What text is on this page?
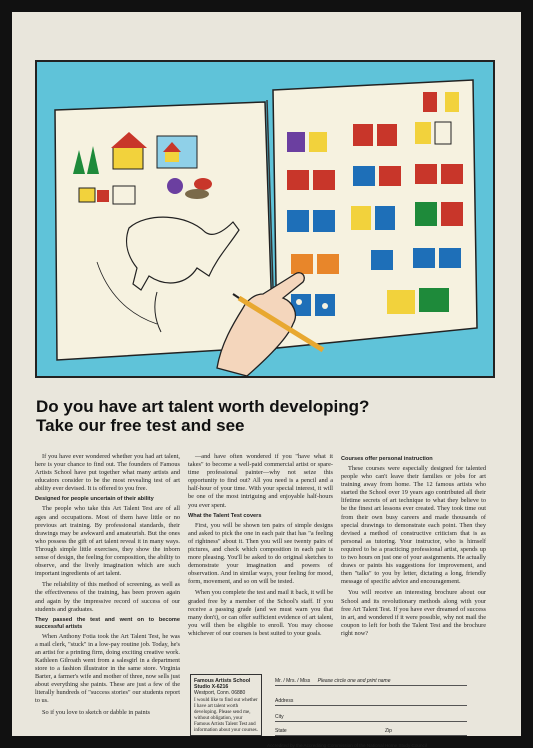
Do you have art talent worth developing?
Take our free test and see

If you have ever wondered whether you had art talent, here is your chance to find out. The founders of Famous Artists School have put together what many artists and educators consider to be the most revealing test of art ability ever devised. It is offered to you free.

Designed for people uncertain of their ability

The people who take this Art Talent Test are of all ages and occupations. Most of them have little or no previous art training. By professional standards, their drawings may be awkward and amateurish. But the ones who possess the gift of art talent reveal it in many ways. Through simple little exercises, they show the inborn sense of design, the feeling for composition, the ability to observe, and the lively imagination which are such important ingredients of art talent.

The reliability of this method of screening, as well as the effectiveness of the training, has been proven again and again by the impressive record of success of our students and graduates.

They passed the test and went on to become successful artists

When Anthony Fotia took the Art Talent Test, he was a mail clerk, "stuck" in a low-pay routine job. Today, he's an artist for a printing firm, doing exciting creative work. Kathleen Gilroath went from a salesgirl in a department store to a fashion illustrator in the same store. Virginia Barter, a farmer's wife and mother of three, now sells just about everything she paints. These are just a few of the literally hundreds of "success stories" our students report to us.

So if you love to sketch or dabble in paints

—and have often wondered if you "have what it takes" to become a well-paid commercial artist or spare-time professional painter—why not seize this opportunity to find out? All you need is a pencil and a half-hour of your time. With your special interest, it will be one of the most intriguing and enjoyable half-hours you ever spent.

What the Talent Test covers

First, you will be shown ten pairs of simple designs and asked to pick the one in each pair that has "a feeling of rightness" about it. Then you will see twenty pairs of pictures, and check which composition in each pair is more pleasing. You'll be asked to do original sketches to demonstrate your imagination and powers of observation. And in similar ways, your feeling for mood, form, movement, and so on will be tested.

When you complete the test and mail it back, it will be graded free by a member of the School's staff. If you receive a passing grade (and we must warn you that many don't), or can offer sufficient evidence of art talent, you will then be eligible to enroll. You may choose whichever of our courses is best suited to your goals.

Courses offer personal instruction

These courses were especially designed for talented people who can't leave their families or jobs for art training away from home. The 12 famous artists who started the School over 19 years ago contributed all their lifetime secrets of art technique to what they believe to be the finest art lessons ever created. They took time out from their own busy careers and made thousands of special drawings to demonstrate each point. Then they devised a method of constructive criticism that is as personal as tutoring. Your instructor, who is himself required to be a practicing professional artist, spends up to two hours on just one of your assignments. He actually draws or paints his suggestions for improvement, and then "talks" to you by letter, dictating a long, friendly message of specific advice and encouragement.

You will receive an interesting brochure about our School and its revolutionary methods along with your free Art Talent Test. If you have ever dreamed of success in art, and wondered if it were possible, why not mail the coupon to left for both the Talent Test and the brochure right now?

Famous Artists School
Studio X-6216
Westport, Conn. 06880
I would like to find out whether I have art talent worth developing. Please send me, without obligation, your Famous Artists Talent Test and information about your courses.
Mr. / Mrs. / Miss Please circle one and print name
Address
City
State	Zip
Accredited by the Accrediting Commission of the National Home Study Council
